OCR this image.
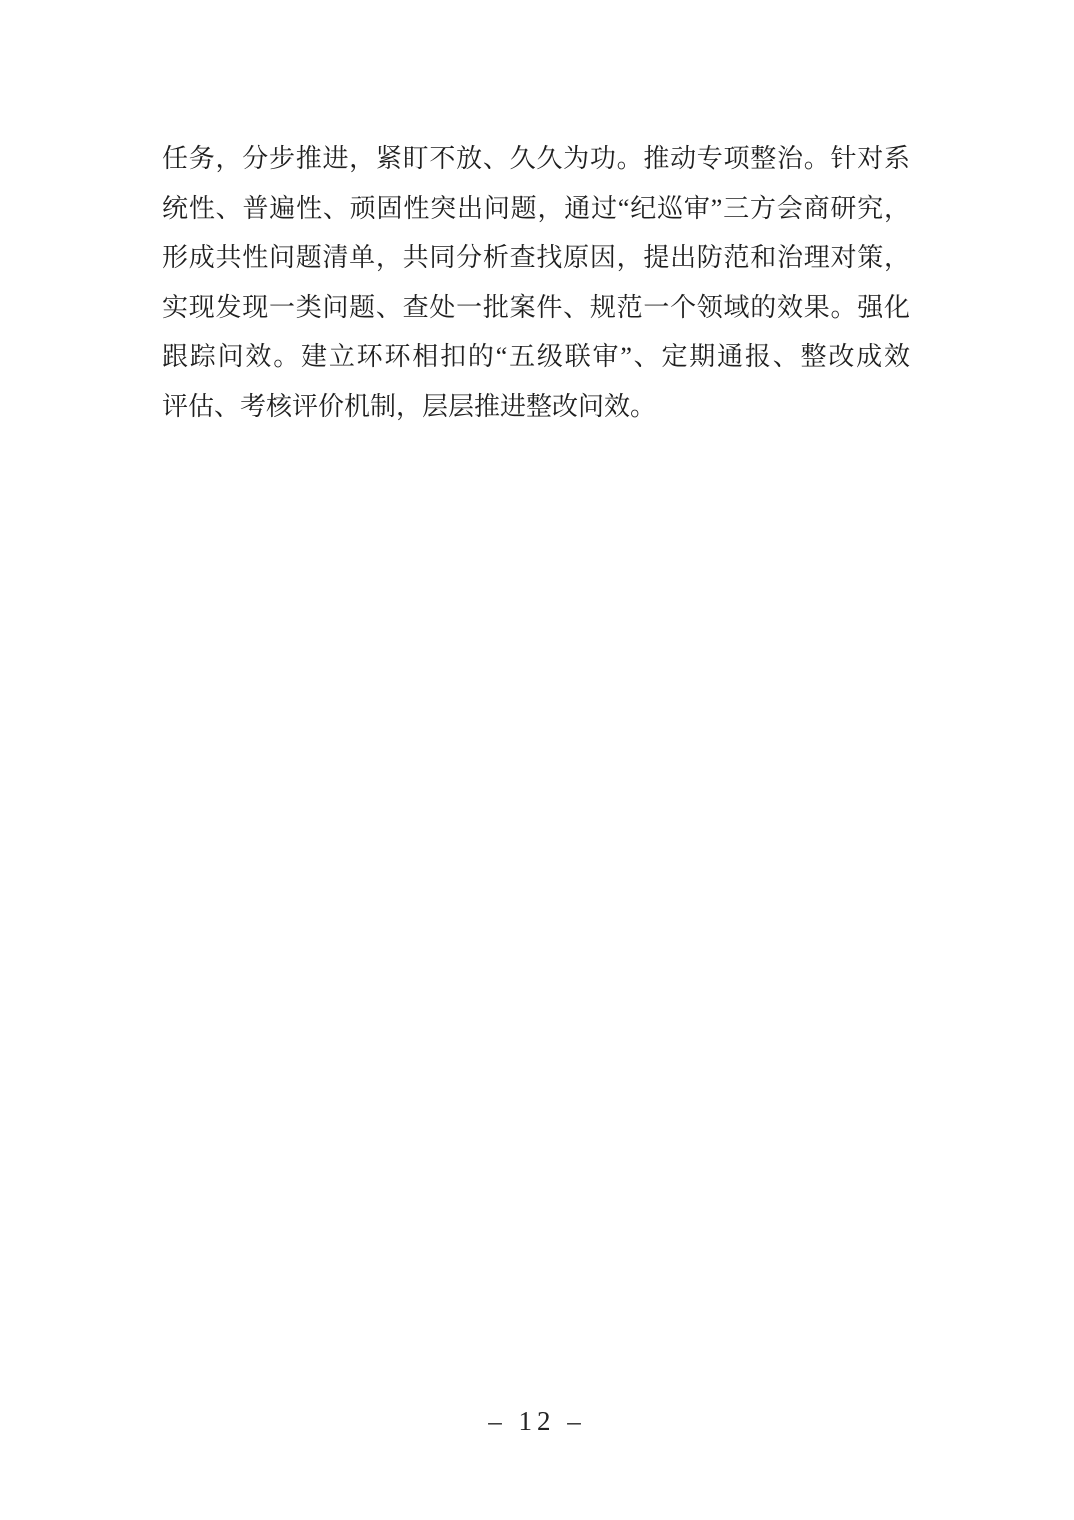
任务，分步推进，紧盯不放、久久为功。推动专项整治。针对系
统性、普遍性、顽固性突出问题，通过“纪巡审”三方会商研究，
形成共性问题清单，共同分析查找原因，提出防范和治理对策，
实现发现一类问题、查处一批案件、规范一个领域的效果。强化
跟踪问效。建立环环相扣的“五级联审”、定期通报、整改成效
评估、考核评价机制，层层推进整改问效。
– 12 –
